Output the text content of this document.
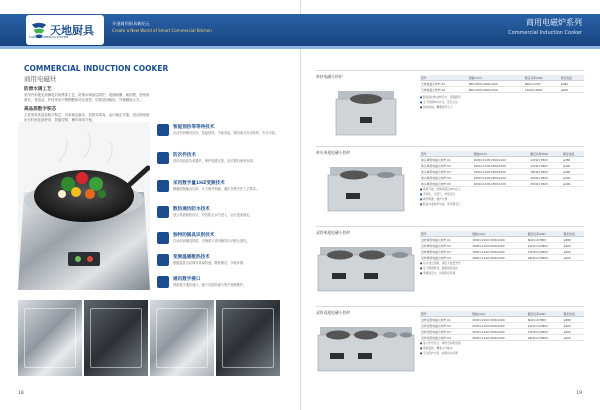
天地厨具
TIANDI COMMERCIAL KITCHEN
开创商用厨具新纪元
Create a New World of Smart Commercial Kitchen
COMMERCIAL INDUCTION COOKER
商用电磁灶
防滑水调工艺
采用汽车级无油静电封闭烤漆工艺，防滑水调涂层防护，表面耐磨、耐刮擦，使用寿命长，易清洁。炉体采用不锈钢整体冲压成型，结构坚固耐用，外观精致大方。
高品质数字积芯
主机采用高品质数字积芯，功率稳定输出，加热效率高，运行稳定可靠，适合商用厨房长时间连续使用，智能控制，操作简单方便。
智能预热等等待技术
自动识别锅具状态，智能预热，节能省电，锅具离开自动待机，安全可靠。
防次件技术
采用高品质功率器件，保护电路完善，延长整机使用寿命。
采用数字量1HZ变频技术
精确控制输出功率，火力调节细腻，满足各种烹饪工艺要求。
散热通坊防水技术
独立风道散热设计，有效防止水汽进入，运行更加稳定。
独特的锅具识别技术
自动识别锅具材质，无锅或不适用锅具自动停止加热。
变频温感散热技术
根据温度自动调节风扇转速，降低噪音，节能环保。
通讯数字接口
预留数字通讯接口，便于后期升级与集中管理维护。
18
商用电磁炉系列
Commercial Induction Cooker
单炒电磁小炒炉	型号	规格(mm)	额定功率(kW)	额定电流
天地电磁小炒炉-01	800×800×800/1200	8kW×220V	φ380
天地电磁小炒炉-02	800×900×800/1200	15kW×380V	φ400
■ 耐高温材料结构设计，坚固耐用
■ 全不锈钢304外壳，安全卫生
■ 智能控制，精确调节火力
单头单尾电磁小炒炉	型号	规格(mm)	额定功率(kW)	额定电流
单头单尾电磁小炒炉-01	1000×1100×800/1200	12kW×380V	φ380
单头单尾电磁小炒炉-02	1000×1100×800/1200	15kW×380V	φ400
单头单尾电磁小炒炉-03	1000×1100×800/1200	18kW×380V	φ400
单头单尾电磁小炒炉-04	1000×1100×800/1200	20kW×380V	φ400
单头单尾电磁小炒炉-05	1000×1100×800/1200	25kW×380V	φ400
■ 高效节能，热效率高达90%以上
■ 无明火，无废气，环保安全
■ 操作简便，维护方便
■ 配备多重保护功能，使用更安心
双炒单尾电磁小炒炉	型号	规格(mm)	额定功率(kW)	额定电流
双炒单尾电磁小炒炉-01	1800×1100×800/1200	8kW×2/380V	φ380
双炒单尾电磁小炒炉-02	1800×1100×800/1200	12kW×2/380V	φ400
双炒单尾电磁小炒炉-03	1800×1100×800/1200	15kW×2/380V	φ400
双炒单尾电磁小炒炉-04	1800×1100×800/1200	18kW×2/380V	φ400
■ 双头独立控制，满足大批量烹饪
■ 全不锈钢机身，耐腐蚀易清洁
■ 低噪音设计，改善厨房环境
双炒双尾电磁小炒炉	型号	规格(mm)	额定功率(kW)	额定电流
双炒双尾电磁小炒炉-01	2000×1100×800/1200	8kW×2/380V	φ380
双炒双尾电磁小炒炉-02	2000×1100×800/1200	12kW×2/380V	φ400
双炒双尾电磁小炒炉-03	2000×1100×800/1200	15kW×2/380V	φ400
双炒双尾电磁小炒炉-04	2000×1100×800/1200	18kW×2/380V	φ400
■ 加大炉台设计，操作空间更宽敞
■ 智能温控，精准火力输出
■ 安全保护完善，故障自动诊断
19
